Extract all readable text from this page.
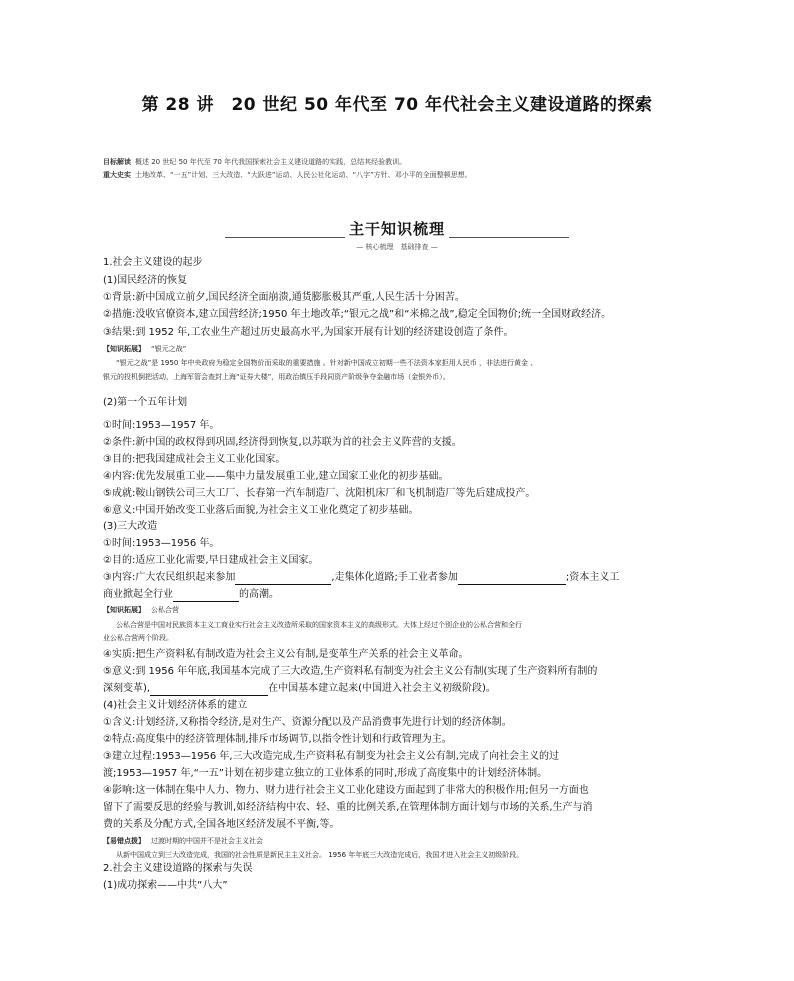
第 28 讲　20 世纪 50 年代至 70 年代社会主义建设道路的探索
目标解读 概述 20 世纪 50 年代至 70 年代我国探索社会主义建设道路的实践，总结其经验教训。
重大史实 土地改革、“一五”计划、三大改造、“大跃进”运动、人民公社化运动、“八字”方针、邓小平的全面整顿思想。
主干知识梳理
— 核心梳理　基础排查 —
1.社会主义建设的起步
(1)国民经济的恢复
①背景:新中国成立前夕,国民经济全面崩溃,通货膨胀极其严重,人民生活十分困苦。
②措施:没收官僚资本,建立国营经济;1950 年土地改革;“银元之战”和“米棉之战”,稳定全国物价;统一全国财政经济。
③结果:到 1952 年,工农业生产超过历史最高水平,为国家开展有计划的经济建设创造了条件。
【知识拓展】 “银元之战”
“银元之战”是 1950 年中央政府为稳定全国物价而采取的重要措施 。针对新中国成立初期一些不法资本家拒用人民币 ，非法进行黄金 、
银元的投机倒把活动，上海军管会查封上海“证券大楼”，用政治镇压手段同资产阶级争夺金融市场（金银外币）。
(2)第一个五年计划
①时间:1953—1957 年。
②条件:新中国的政权得到巩固,经济得到恢复,以苏联为首的社会主义阵营的支援。
③目的:把我国建成社会主义工业化国家。
④内容:优先发展重工业——集中力量发展重工业,建立国家工业化的初步基础。
⑤成就:鞍山钢铁公司三大工厂、长春第一汽车制造厂、沈阳机床厂和飞机制造厂等先后建成投产。
⑥意义:中国开始改变工业落后面貌,为社会主义工业化奠定了初步基础。
(3)三大改造
①时间:1953—1956 年。
②目的:适应工业化需要,早日建成社会主义国家。
③内容:广大农民组织起来参加	,走集体化道路;手工业者参加	;资本主义工
商业掀起全行业	的高潮。
【知识拓展】 公私合营
公私合营是中国对民族资本主义工商业实行社会主义改造所采取的国家资本主义的高级形式。大体上经过个别企业的公私合营和全行
业公私合营两个阶段。
④实质:把生产资料私有制改造为社会主义公有制,是变革生产关系的社会主义革命。
⑤意义:到 1956 年年底,我国基本完成了三大改造,生产资料私有制变为社会主义公有制(实现了生产资料所有制的
深刻变革),	在中国基本建立起来(中国进入社会主义初级阶段)。
(4)社会主义计划经济体系的建立
①含义:计划经济,又称指令经济,是对生产、资源分配以及产品消费事先进行计划的经济体制。
②特点:高度集中的经济管理体制,排斥市场调节,以指令性计划和行政管理为主。
③建立过程:1953—1956 年,三大改造完成,生产资料私有制变为社会主义公有制,完成了向社会主义的过
渡;1953—1957 年,“一五”计划在初步建立独立的工业体系的同时,形成了高度集中的计划经济体制。
④影响:这一体制在集中人力、物力、财力进行社会主义工业化建设方面起到了非常大的积极作用;但另一方面也
留下了需要反思的经验与教训,如经济结构中农、轻、重的比例关系,在管理体制方面计划与市场的关系,生产与消
费的关系及分配方式,全国各地区经济发展不平衡,等。
【易错点拨】 过渡时期的中国并不是社会主义社会
从新中国成立到三大改造完成，我国的社会性质是新民主主义社会。 1956 年年底三大改造完成后，我国才进入社会主义初级阶段。
2.社会主义建设道路的探索与失误
(1)成功探索——中共“八大”
